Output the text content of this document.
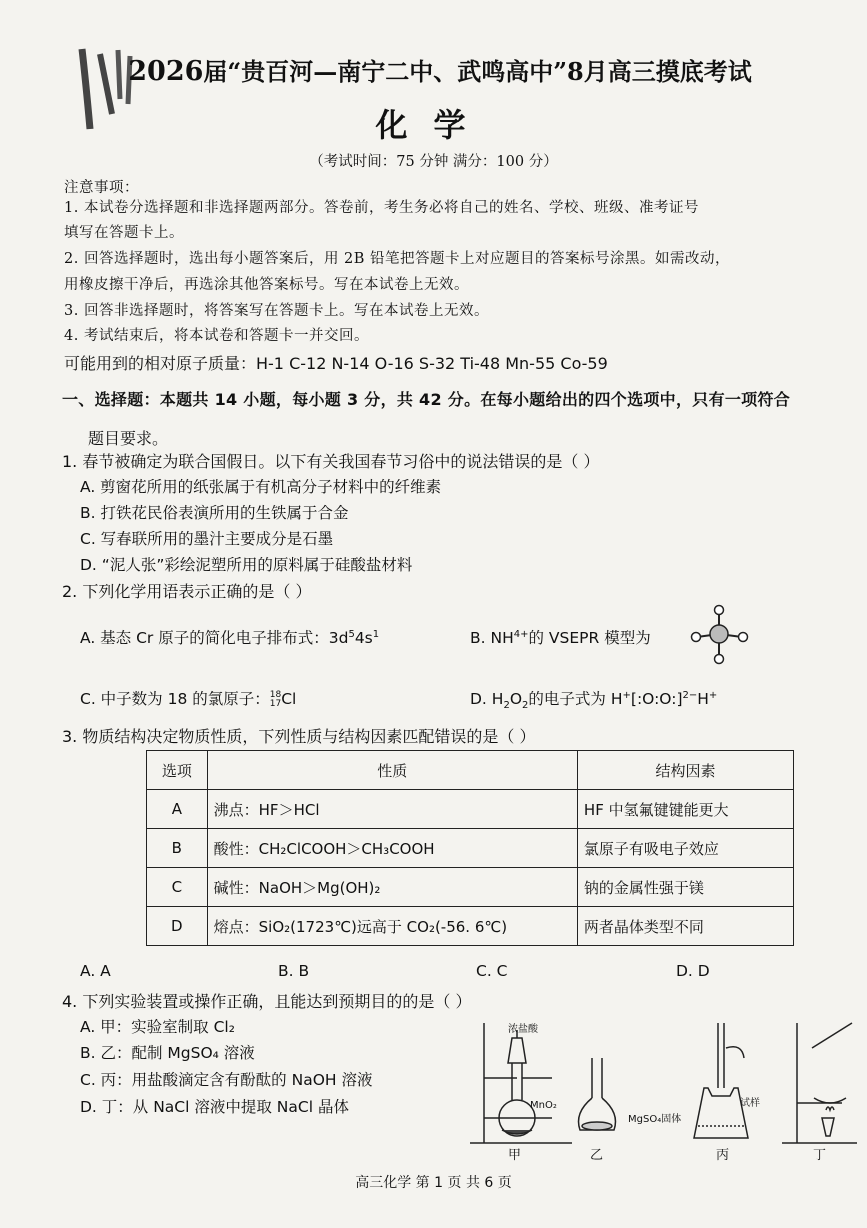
2026届“贵百河—南宁二中、武鸣高中”8月高三摸底考试
化学
（考试时间：75 分钟 满分：100 分）
注意事项：
1. 本试卷分选择题和非选择题两部分。答卷前，考生务必将自己的姓名、学校、班级、准考证号
填写在答题卡上。
2. 回答选择题时，选出每小题答案后，用 2B 铅笔把答题卡上对应题目的答案标号涂黑。如需改动，
用橡皮擦干净后，再选涂其他答案标号。写在本试卷上无效。
3. 回答非选择题时，将答案写在答题卡上。写在本试卷上无效。
4. 考试结束后，将本试卷和答题卡一并交回。
可能用到的相对原子质量：H-1 C-12 N-14 O-16 S-32 Ti-48 Mn-55 Co-59
一、选择题：本题共 14 小题，每小题 3 分，共 42 分。在每小题给出的四个选项中，只有一项符合
题目要求。
1. 春节被确定为联合国假日。以下有关我国春节习俗中的说法错误的是（ ）
A. 剪窗花所用的纸张属于有机高分子材料中的纤维素
B. 打铁花民俗表演所用的生铁属于合金
C. 写春联所用的墨汁主要成分是石墨
D. “泥人张”彩绘泥塑所用的原料属于硅酸盐材料
2. 下列化学用语表示正确的是（ ）
A. 基态 Cr 原子的简化电子排布式：$3d^54s^1$	B. $NH^{4+}$的 VSEPR 模型为
C. 中子数为 18 的氯原子：18
17Cl	D. $H_2O_2$的电子式为 H+[:O:O:]$^{2-}$H+
3. 物质结构决定物质性质，下列性质与结构因素匹配错误的是（ ）
选项	性质	结构因素
A	沸点：HF＞HCl	HF 中氢氟键键能更大
B	酸性：CH₂ClCOOH＞CH₃COOH	氯原子有吸电子效应
C	碱性：NaOH＞Mg(OH)₂	钠的金属性强于镁
D	熔点：SiO₂(1723℃)远高于 CO₂(-56. 6℃)	两者晶体类型不同
A. A	B. B	C. C	D. D
4. 下列实验装置或操作正确，且能达到预期目的的是（ ）
A. 甲：实验室制取 Cl₂
B. 乙：配制 MgSO₄ 溶液
C. 丙：用盐酸滴定含有酚酞的 NaOH 溶液
D. 丁：从 NaCl 溶液中提取 NaCl 晶体
浓盐酸
MnO₂
MgSO₄固体
试样
甲	乙	丙	丁
高三化学 第 1 页 共 6 页
